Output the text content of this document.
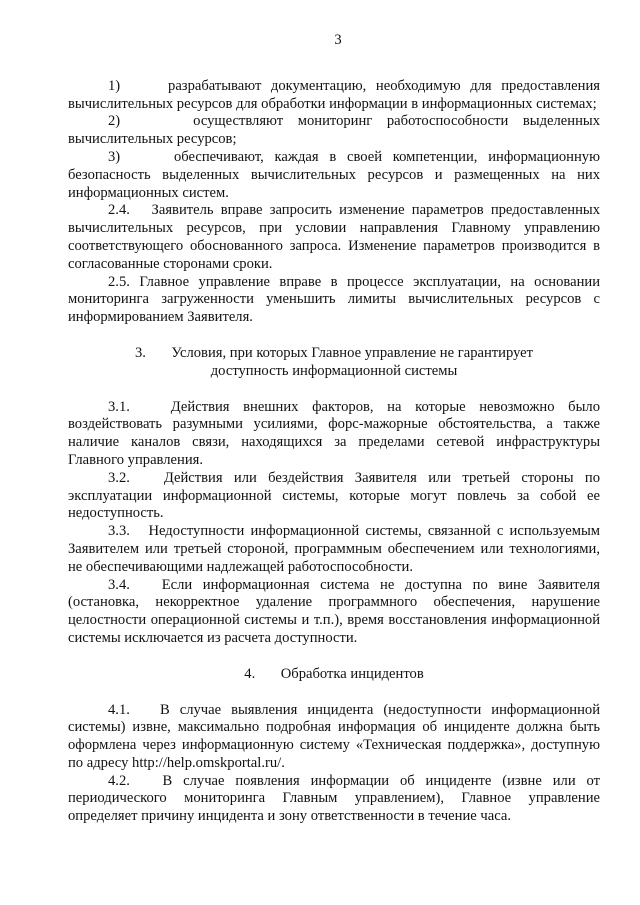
3

1)     разрабатывают документацию, необходимую для предоставления вычислительных ресурсов для обработки информации в информационных системах;

2)     осуществляют мониторинг работоспособности выделенных вычислительных ресурсов;

3)     обеспечивают, каждая в своей компетенции, информационную безопасность выделенных вычислительных ресурсов и размещенных на них информационных систем.

2.4.   Заявитель вправе запросить изменение параметров предоставленных вычислительных ресурсов, при условии направления Главному управлению соответствующего обоснованного запроса. Изменение параметров производится в согласованные сторонами сроки.

2.5. Главное управление вправе в процессе эксплуатации, на основании мониторинга загруженности уменьшить лимиты вычислительных ресурсов с информированием Заявителя.

3.       Условия, при которых Главное управление не гарантирует
доступность информационной системы

3.1.   Действия внешних факторов, на которые невозможно было воздействовать разумными усилиями, форс-мажорные обстоятельства, а также наличие каналов связи, находящихся за пределами сетевой инфраструктуры Главного управления.

3.2.   Действия или бездействия Заявителя или третьей стороны по эксплуатации информационной системы, которые могут повлечь за собой ее недоступность.

3.3.   Недоступности информационной системы, связанной с используемым Заявителем или третьей стороной, программным обеспечением или технологиями, не обеспечивающими надлежащей работоспособности.

3.4.   Если информационная система не доступна по вине Заявителя (остановка, некорректное удаление программного обеспечения, нарушение целостности операционной системы и т.п.), время восстановления информационной системы исключается из расчета доступности.

4.       Обработка инцидентов

4.1.   В случае выявления инцидента (недоступности информационной системы) извне, максимально подробная информация об инциденте должна быть оформлена через информационную систему «Техническая поддержка», доступную по адресу http://help.omskportal.ru/.

4.2.   В случае появления информации об инциденте (извне или от периодического мониторинга Главным управлением), Главное управление определяет причину инцидента и зону ответственности в течение часа.
